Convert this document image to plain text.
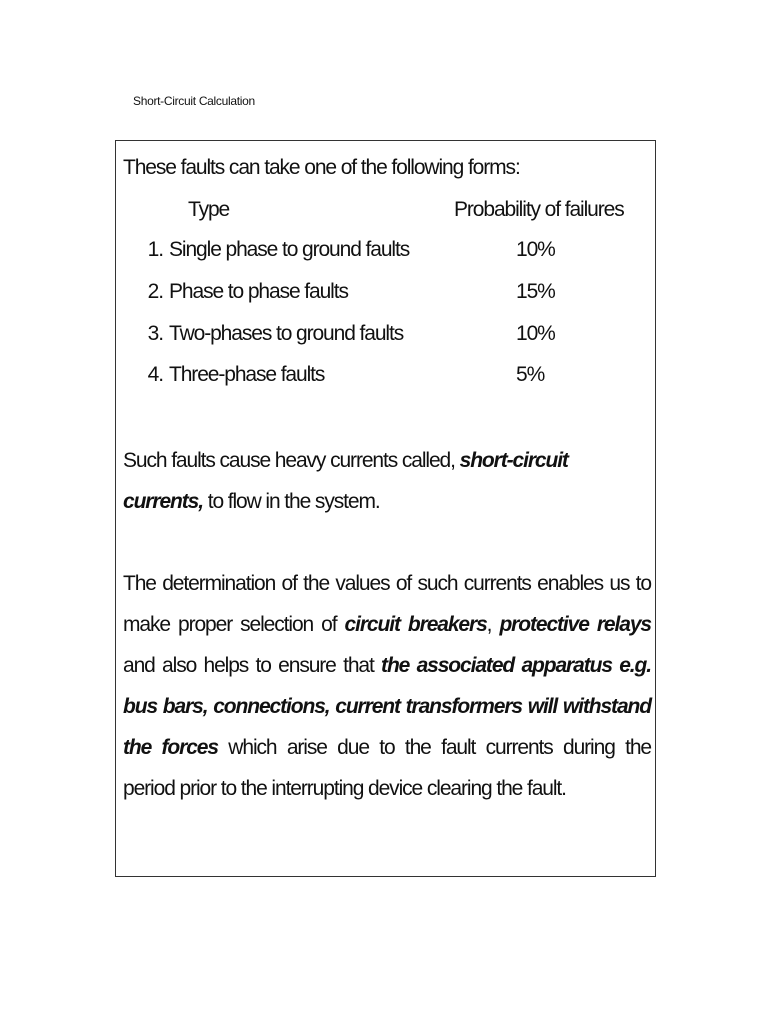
Short-Circuit Calculation
These faults can take one of the following forms:
Type	Probability of failures
1. Single phase to ground faults	10%
2. Phase to phase faults	15%
3. Two-phases to ground faults	10%
4. Three-phase faults	5%
Such faults cause heavy currents called, short-circuit currents, to flow in the system.
The determination of the values of such currents enables us to make proper selection of circuit breakers, protective relays and also helps to ensure that the associated apparatus e.g. bus bars, connections, current transformers will withstand the forces which arise due to the fault currents during the period prior to the interrupting device clearing the fault.
